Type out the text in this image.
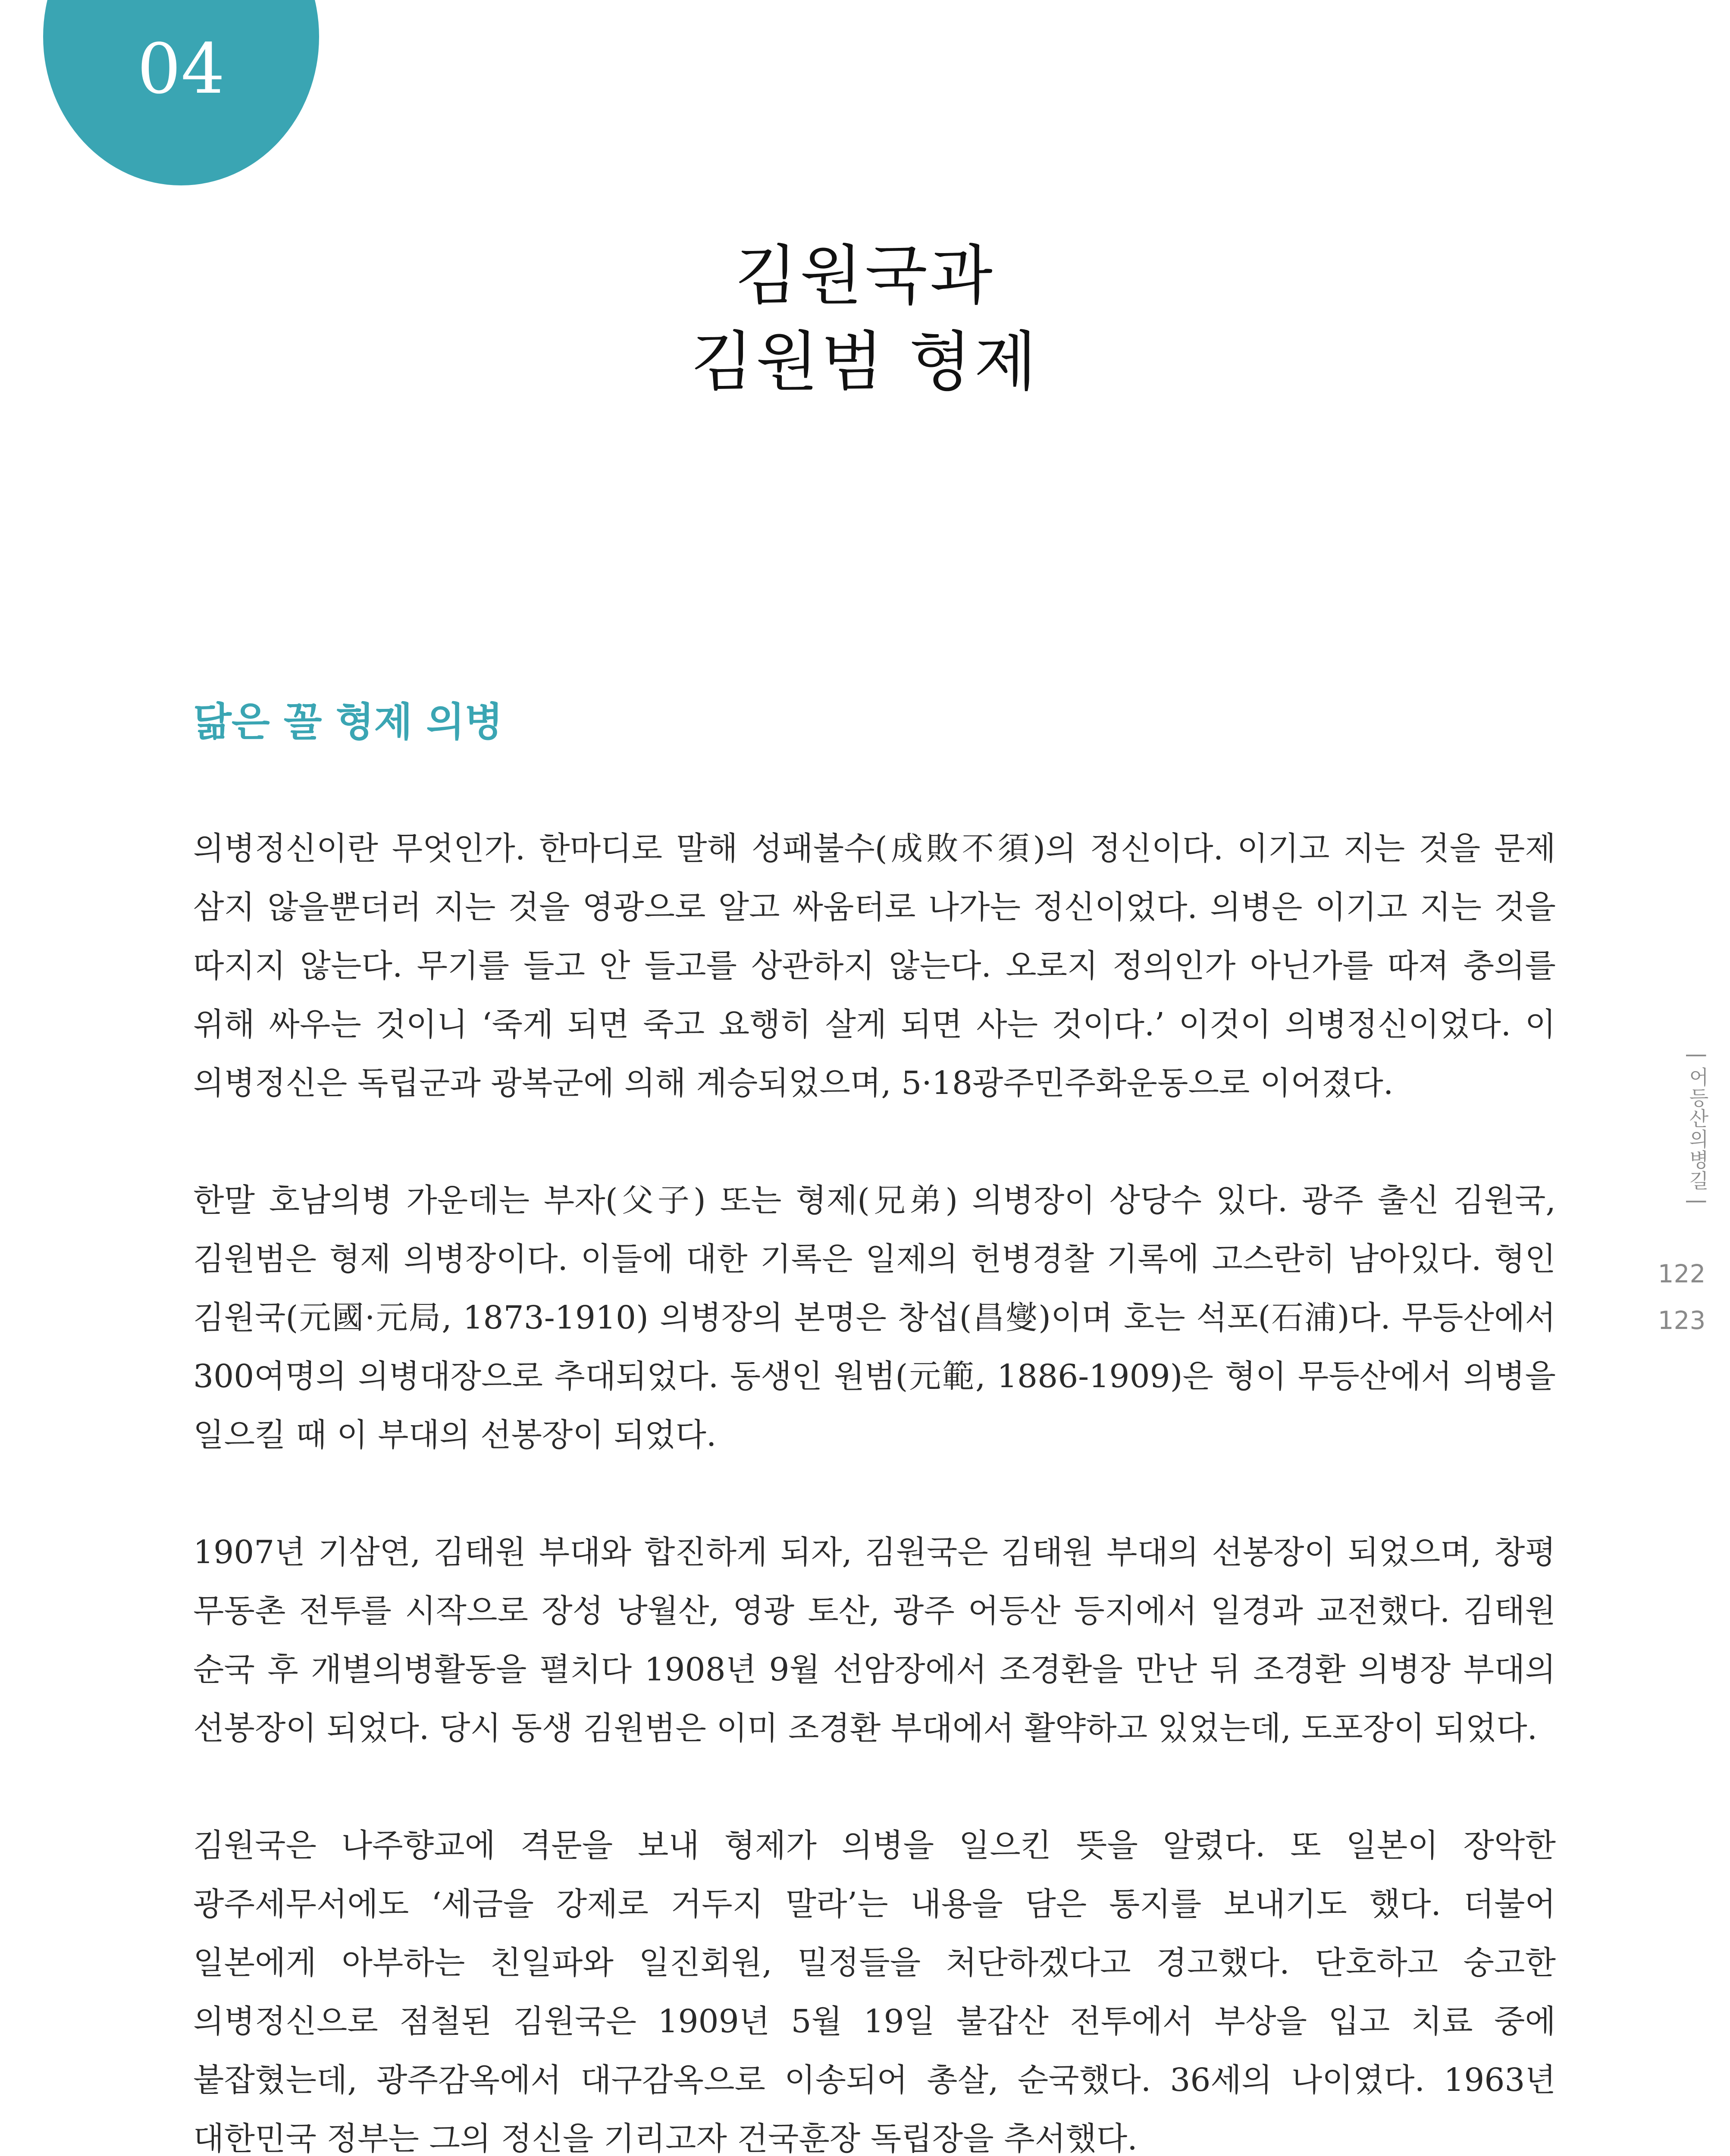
04
김원국과
김원범 형제
닮은 꼴 형제 의병

의병정신이란 무엇인가. 한마디로 말해 성패불수(成敗不須)의 정신이다. 이기고 지는 것을 문제 삼지 않을뿐더러 지는 것을 영광으로 알고 싸움터로 나가는 정신이었다. 의병은 이기고 지는 것을 따지지 않는다. 무기를 들고 안 들고를 상관하지 않는다. 오로지 정의인가 아닌가를 따져 충의를 위해 싸우는 것이니 ‘죽게 되면 죽고 요행히 살게 되면 사는 것이다.’ 이것이 의병정신이었다. 이 의병정신은 독립군과 광복군에 의해 계승되었으며, 5·18광주민주화운동으로 이어졌다.

한말 호남의병 가운데는 부자(父子) 또는 형제(兄弟) 의병장이 상당수 있다. 광주 출신 김원국, 김원범은 형제 의병장이다. 이들에 대한 기록은 일제의 헌병경찰 기록에 고스란히 남아있다. 형인 김원국(元國·元局, 1873-1910) 의병장의 본명은 창섭(昌燮)이며 호는 석포(石浦)다. 무등산에서 300여명의 의병대장으로 추대되었다. 동생인 원범(元範, 1886-1909)은 형이 무등산에서 의병을 일으킬 때 이 부대의 선봉장이 되었다.

1907년 기삼연, 김태원 부대와 합진하게 되자, 김원국은 김태원 부대의 선봉장이 되었으며, 창평 무동촌 전투를 시작으로 장성 낭월산, 영광 토산, 광주 어등산 등지에서 일경과 교전했다. 김태원 순국 후 개별의병활동을 펼치다 1908년 9월 선암장에서 조경환을 만난 뒤 조경환 의병장 부대의 선봉장이 되었다. 당시 동생 김원범은 이미 조경환 부대에서 활약하고 있었는데, 도포장이 되었다.

김원국은 나주향교에 격문을 보내 형제가 의병을 일으킨 뜻을 알렸다. 또 일본이 장악한 광주세무서에도 ‘세금을 강제로 거두지 말라’는 내용을 담은 통지를 보내기도 했다. 더불어 일본에게 아부하는 친일파와 일진회원, 밀정들을 처단하겠다고 경고했다. 단호하고 숭고한 의병정신으로 점철된 김원국은 1909년 5월 19일 불갑산 전투에서 부상을 입고 치료 중에 붙잡혔는데, 광주감옥에서 대구감옥으로 이송되어 총살, 순국했다. 36세의 나이였다. 1963년 대한민국 정부는 그의 정신을 기리고자 건국훈장 독립장을 추서했다.

| 어등산의병길 |
122
123
